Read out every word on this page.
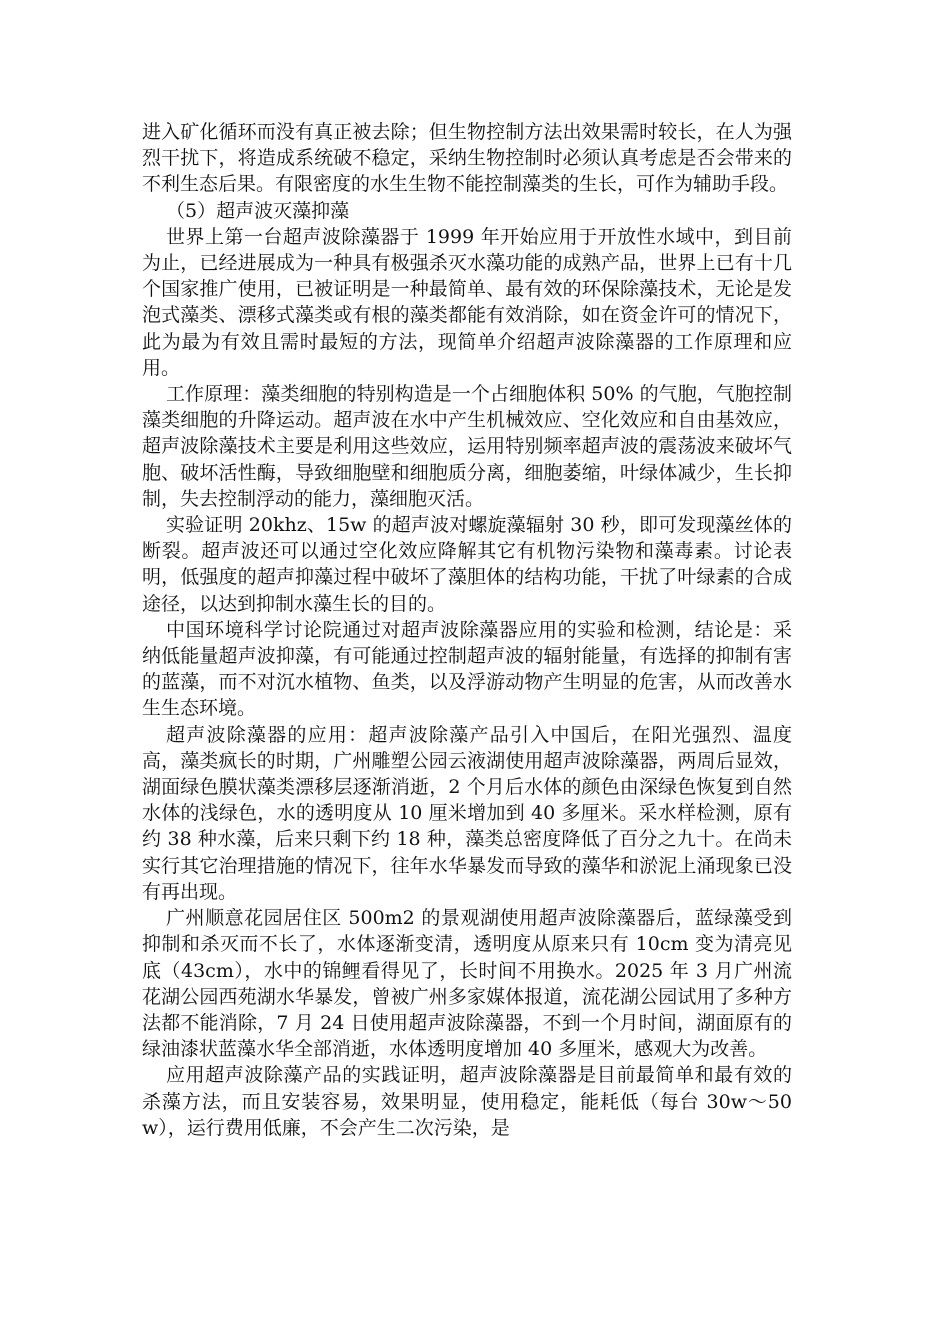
进入矿化循环而没有真正被去除；但生物控制方法出效果需时较长，在人为强烈干扰下，将造成系统破不稳定，采纳生物控制时必须认真考虑是否会带来的不利生态后果。有限密度的水生生物不能控制藻类的生长，可作为辅助手段。

（5）超声波灭藻抑藻

世界上第一台超声波除藻器于 1999 年开始应用于开放性水域中，到目前为止，已经进展成为一种具有极强杀灭水藻功能的成熟产品，世界上已有十几个国家推广使用，已被证明是一种最简单、最有效的环保除藻技术，无论是发泡式藻类、漂移式藻类或有根的藻类都能有效消除，如在资金许可的情况下，此为最为有效且需时最短的方法，现简单介绍超声波除藻器的工作原理和应用。

工作原理：藻类细胞的特别构造是一个占细胞体积 50% 的气胞，气胞控制藻类细胞的升降运动。超声波在水中产生机械效应、空化效应和自由基效应，超声波除藻技术主要是利用这些效应，运用特别频率超声波的震荡波来破坏气胞、破坏活性酶，导致细胞壁和细胞质分离，细胞萎缩，叶绿体减少，生长抑制，失去控制浮动的能力，藻细胞灭活。

实验证明 20khz、15w 的超声波对螺旋藻辐射 30 秒，即可发现藻丝体的断裂。超声波还可以通过空化效应降解其它有机物污染物和藻毒素。讨论表明，低强度的超声抑藻过程中破坏了藻胆体的结构功能，干扰了叶绿素的合成途径，以达到抑制水藻生长的目的。

中国环境科学讨论院通过对超声波除藻器应用的实验和检测，结论是：采纳低能量超声波抑藻，有可能通过控制超声波的辐射能量，有选择的抑制有害的蓝藻，而不对沉水植物、鱼类，以及浮游动物产生明显的危害，从而改善水生生态环境。

超声波除藻器的应用：超声波除藻产品引入中国后，在阳光强烈、温度高，藻类疯长的时期，广州雕塑公园云液湖使用超声波除藻器，两周后显效，湖面绿色膜状藻类漂移层逐渐消逝，2 个月后水体的颜色由深绿色恢复到自然水体的浅绿色，水的透明度从 10 厘米增加到 40 多厘米。采水样检测，原有约 38 种水藻，后来只剩下约 18 种，藻类总密度降低了百分之九十。在尚未实行其它治理措施的情况下，往年水华暴发而导致的藻华和淤泥上涌现象已没有再出现。

广州顺意花园居住区 500m2 的景观湖使用超声波除藻器后，蓝绿藻受到抑制和杀灭而不长了，水体逐渐变清，透明度从原来只有 10cm 变为清亮见底（43cm），水中的锦鲤看得见了，长时间不用换水。2025 年 3 月广州流花湖公园西苑湖水华暴发，曾被广州多家媒体报道，流花湖公园试用了多种方法都不能消除，7 月 24 日使用超声波除藻器，不到一个月时间，湖面原有的绿油漆状蓝藻水华全部消逝，水体透明度增加 40 多厘米，感观大为改善。

应用超声波除藻产品的实践证明，超声波除藻器是目前最简单和最有效的杀藻方法，而且安装容易，效果明显，使用稳定，能耗低（每台 30w～50w），运行费用低廉，不会产生二次污染，是
